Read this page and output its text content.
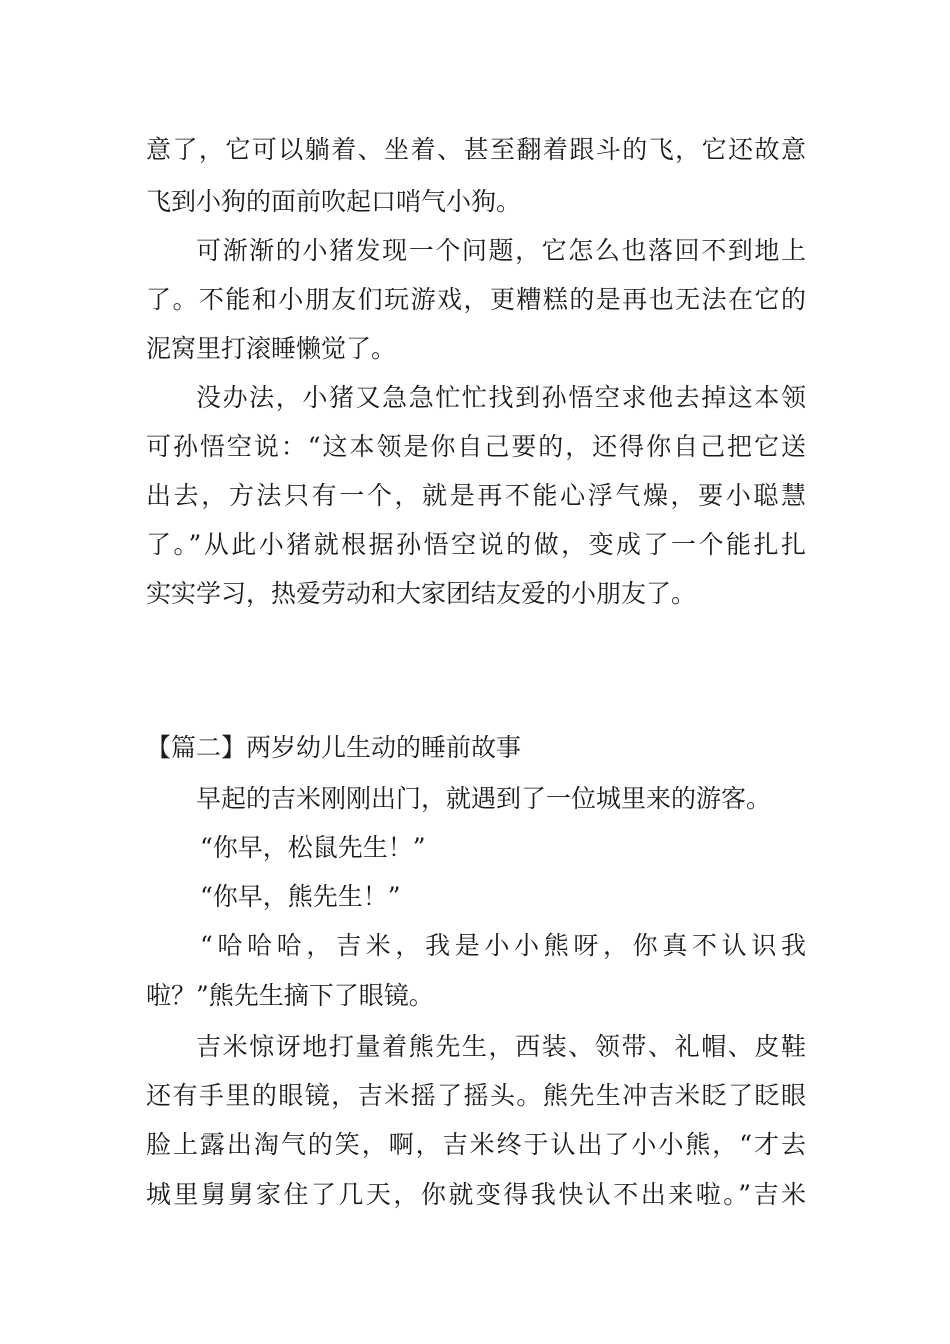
意了，它可以躺着、坐着、甚至翻着跟斗的飞，它还故意
飞到小狗的面前吹起口哨气小狗。
可渐渐的小猪发现一个问题，它怎么也落回不到地上
了。不能和小朋友们玩游戏，更糟糕的是再也无法在它的
泥窝里打滚睡懒觉了。
没办法，小猪又急急忙忙找到孙悟空求他去掉这本领
可孙悟空说：“这本领是你自己要的，还得你自己把它送
出去，方法只有一个，就是再不能心浮气燥，要小聪慧
了。”从此小猪就根据孙悟空说的做，变成了一个能扎扎
实实学习，热爱劳动和大家团结友爱的小朋友了。
【篇二】两岁幼儿生动的睡前故事
早起的吉米刚刚出门，就遇到了一位城里来的游客。
“你早，松鼠先生！”
“你早，熊先生！”
“哈哈哈，吉米，我是小小熊呀，你真不认识我
啦？”熊先生摘下了眼镜。
吉米惊讶地打量着熊先生，西装、领带、礼帽、皮鞋
还有手里的眼镜，吉米摇了摇头。熊先生冲吉米眨了眨眼
脸上露出淘气的笑，啊，吉米终于认出了小小熊，“才去
城里舅舅家住了几天，你就变得我快认不出来啦。”吉米
